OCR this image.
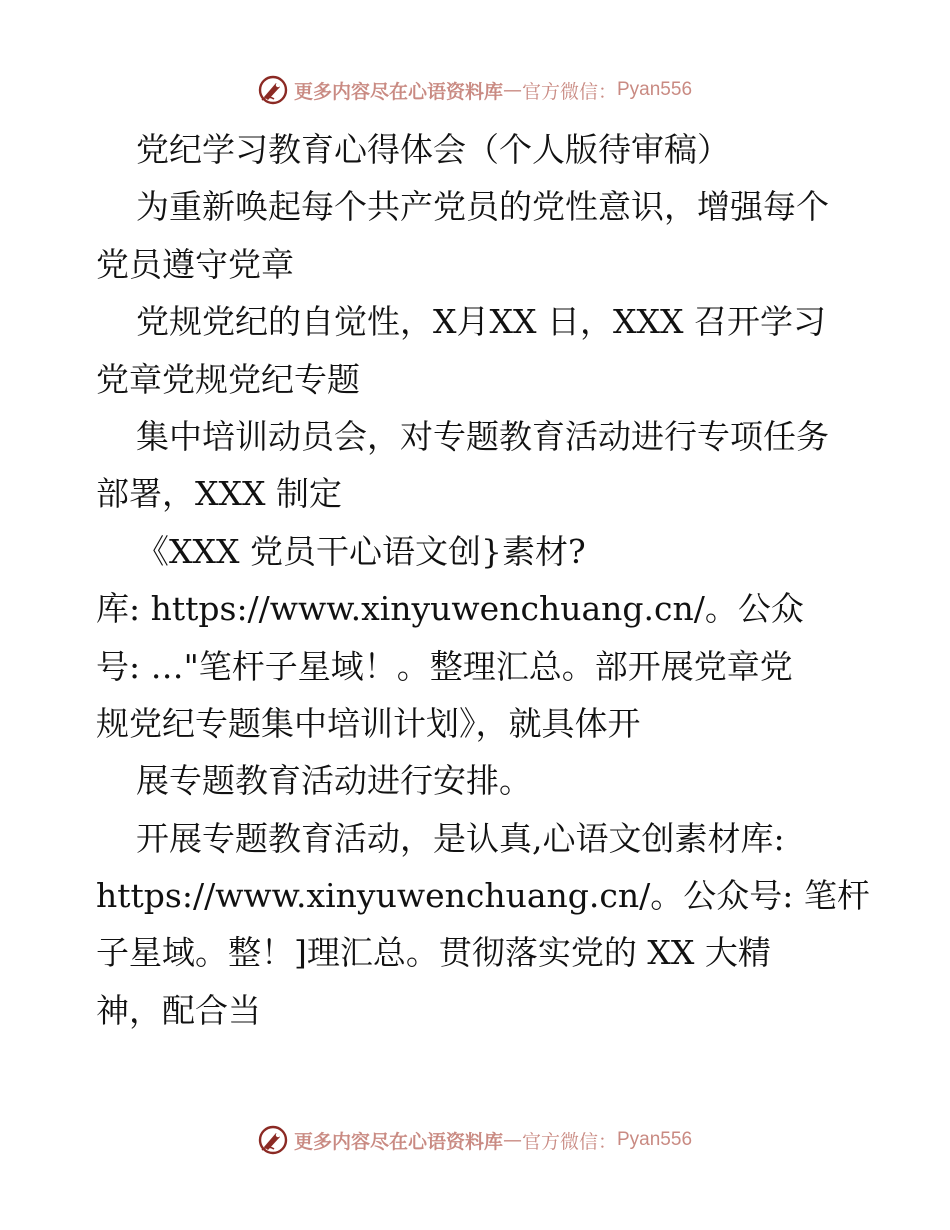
更多内容尽在心语资料库 — 官方微信： Pyan556
党纪学习教育心得体会（个人版待审稿）
为重新唤起每个共产党员的党性意识，增强每个
党员遵守党章
党规党纪的自觉性，X月XX 日，XXX 召开学习
党章党规党纪专题
集中培训动员会，对专题教育活动进行专项任务
部署，XXX 制定
《XXX 党员干心语文创}素材?
库: https://www.xinyuwenchuang.cn/。公众
号: …"笔杆子星域！。整理汇总。部开展党章党
规党纪专题集中培训计划》，就具体开
展专题教育活动进行安排。
开展专题教育活动，是认真,心语文创素材库:
https://www.xinyuwenchuang.cn/。公众号: 笔杆
子星域。整！]理汇总。贯彻落实党的 XX 大精
神，配合当
更多内容尽在心语资料库 — 官方微信： Pyan556
